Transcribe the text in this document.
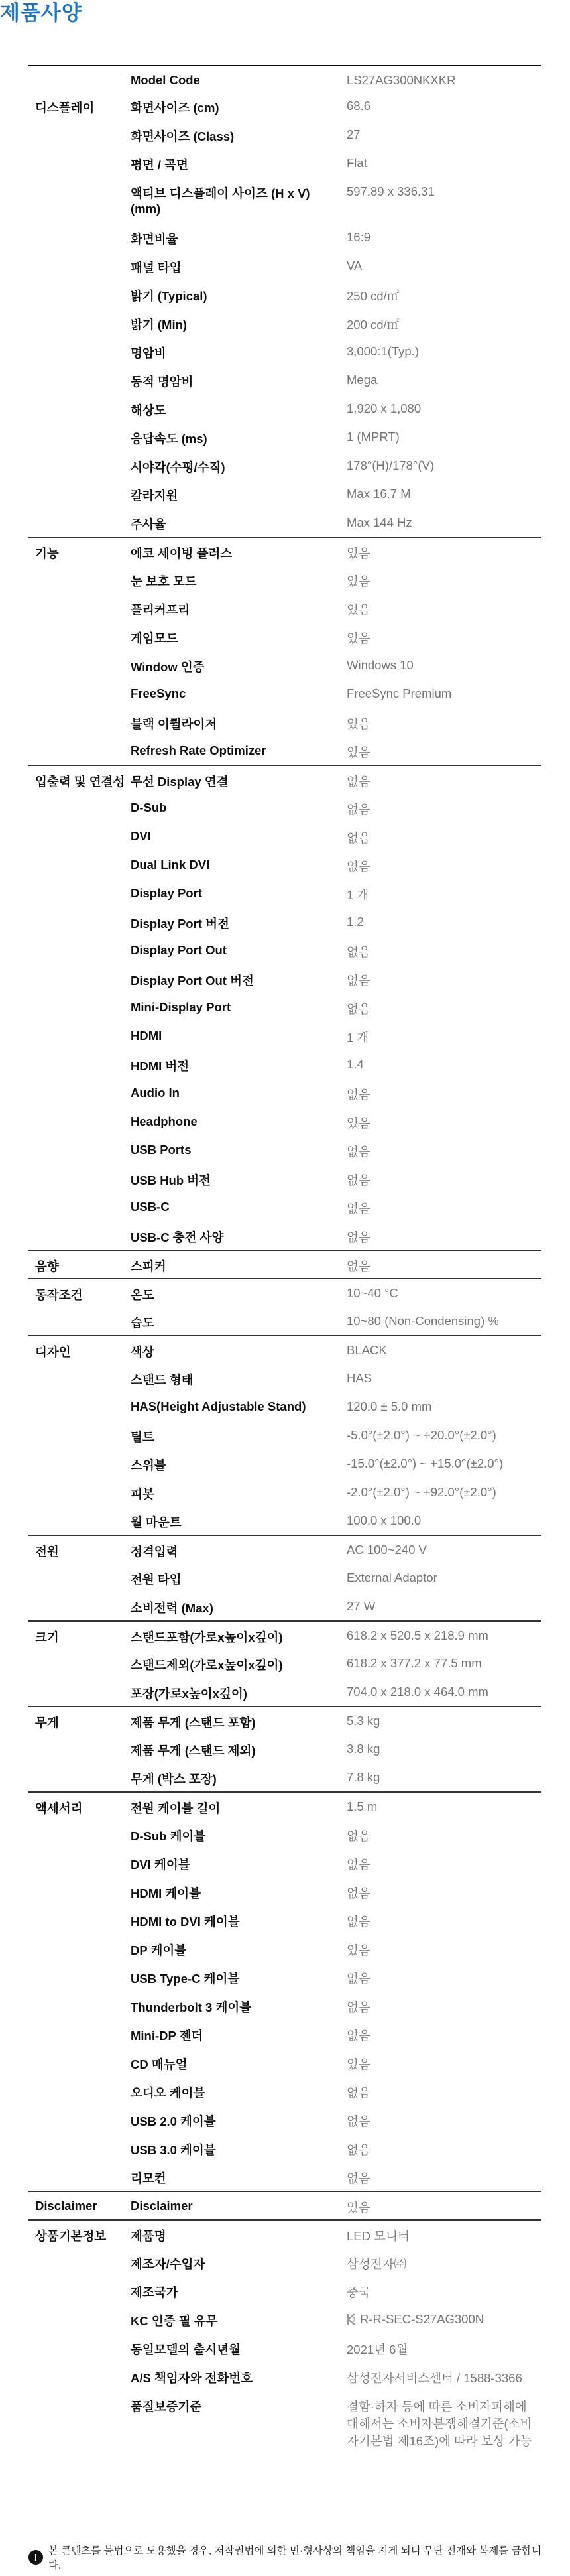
제품사양
	Model Code	LS27AG300NKXKR
디스플레이	화면사이즈 (cm)	68.6
	화면사이즈 (Class)	27
	평면 / 곡면	Flat
	액티브 디스플레이 사이즈 (H x V) (mm)	597.89 x 336.31
	화면비율	16:9
	패널 타입	VA
	밝기 (Typical)	250 cd/㎡
	밝기 (Min)	200 cd/㎡
	명암비	3,000:1(Typ.)
	동적 명암비	Mega
	해상도	1,920 x 1,080
	응답속도 (ms)	1 (MPRT)
	시야각(수평/수직)	178°(H)/178°(V)
	칼라지원	Max 16.7 M
	주사율	Max 144 Hz
기능	에코 세이빙 플러스	있음
	눈 보호 모드	있음
	플리커프리	있음
	게임모드	있음
	Window 인증	Windows 10
	FreeSync	FreeSync Premium
	블랙 이퀄라이저	있음
	Refresh Rate Optimizer	있음
입출력 및 연결성	무선 Display 연결	없음
	D-Sub	없음
	DVI	없음
	Dual Link DVI	없음
	Display Port	1 개
	Display Port 버전	1.2
	Display Port Out	없음
	Display Port Out 버전	없음
	Mini-Display Port	없음
	HDMI	1 개
	HDMI 버전	1.4
	Audio In	없음
	Headphone	있음
	USB Ports	없음
	USB Hub 버전	없음
	USB-C	없음
	USB-C 충전 사양	없음
음향	스피커	없음
동작조건	온도	10~40 °C
	습도	10~80 (Non-Condensing) %
디자인	색상	BLACK
	스탠드 형태	HAS
	HAS(Height Adjustable Stand)	120.0 ± 5.0 mm
	틸트	-5.0°(±2.0°) ~ +20.0°(±2.0°)
	스위블	-15.0°(±2.0°) ~ +15.0°(±2.0°)
	피봇	-2.0°(±2.0°) ~ +92.0°(±2.0°)
	월 마운트	100.0 x 100.0
전원	정격입력	AC 100~240 V
	전원 타입	External Adaptor
	소비전력 (Max)	27 W
크기	스탠드포함(가로x높이x깊이)	618.2 x 520.5 x 218.9 mm
	스탠드제외(가로x높이x깊이)	618.2 x 377.2 x 77.5 mm
	포장(가로x높이x깊이)	704.0 x 218.0 x 464.0 mm
무게	제품 무게 (스탠드 포함)	5.3 kg
	제품 무게 (스탠드 제외)	3.8 kg
	무게 (박스 포장)	7.8 kg
액세서리	전원 케이블 길이	1.5 m
	D-Sub 케이블	없음
	DVI 케이블	없음
	HDMI 케이블	없음
	HDMI to DVI 케이블	없음
	DP 케이블	있음
	USB Type-C 케이블	없음
	Thunderbolt 3 케이블	없음
	Mini-DP 젠더	없음
	CD 매뉴얼	있음
	오디오 케이블	없음
	USB 2.0 케이블	없음
	USB 3.0 케이블	없음
	리모컨	없음
Disclaimer	Disclaimer	있음
상품기본정보	제품명	LED 모니터
	제조자/수입자	삼성전자㈜
	제조국가	중국
	KC 인증 필 유무	R-R-SEC-S27AG300N
	동일모델의 출시년월	2021년 6월
	A/S 책임자와 전화번호	삼성전자서비스센터 / 1588-3366
	품질보증기준	결함·하자 등에 따른 소비자피해에 대해서는 소비자분쟁해결기준(소비자기본법 제16조)에 따라 보상 가능
!
본 콘텐츠를 불법으로 도용했을 경우, 저작권법에 의한 민·형사상의 책임을 지게 되니 무단 전재와 복제를 금합니다.
